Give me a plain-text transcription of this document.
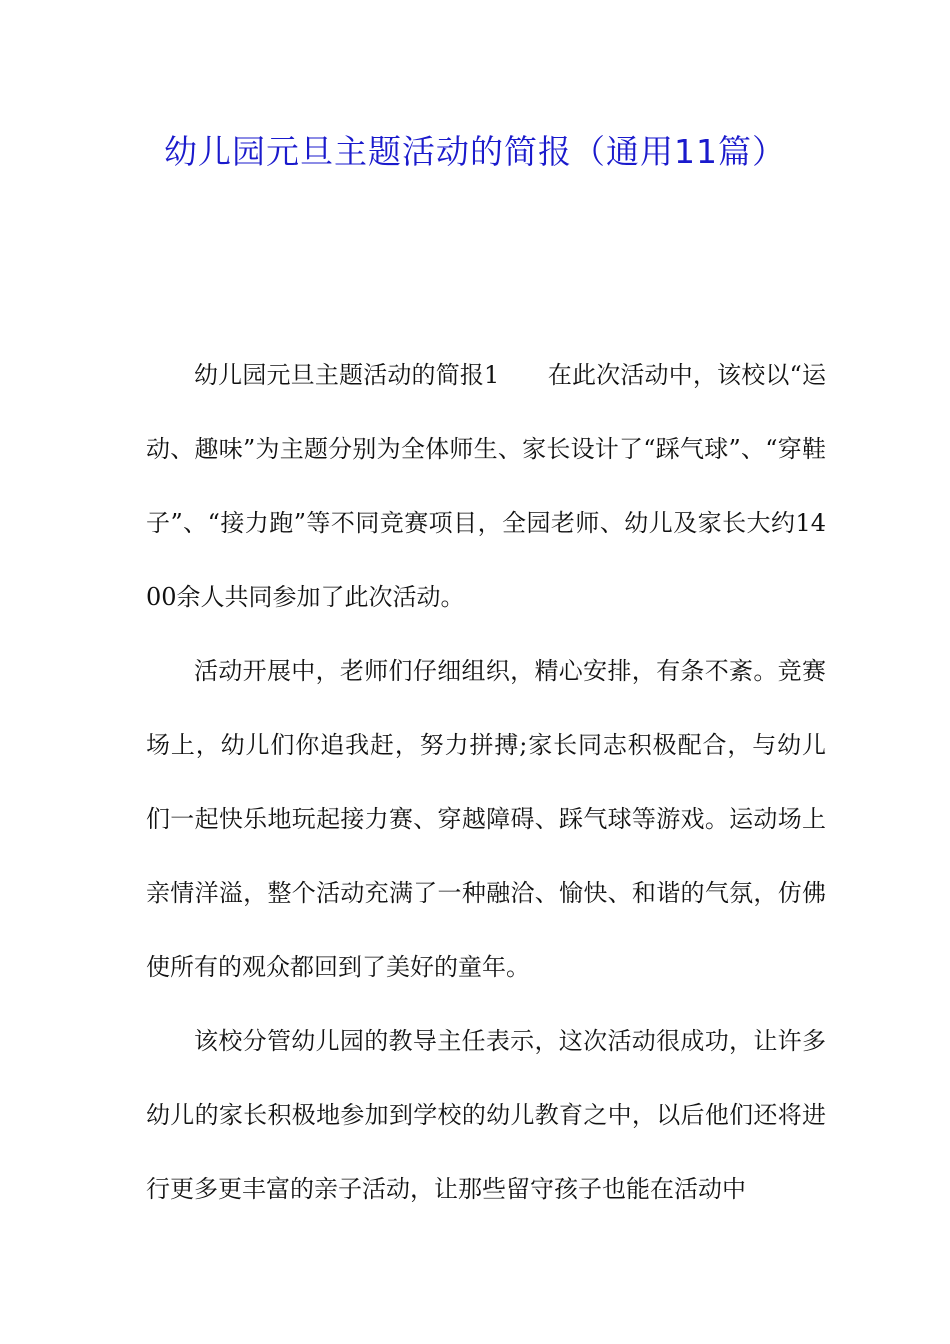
幼儿园元旦主题活动的简报（通用11篇）

幼儿园元旦主题活动的简报1　　在此次活动中，该校以“运动、趣味”为主题分别为全体师生、家长设计了“踩气球”、“穿鞋子”、“接力跑”等不同竞赛项目，全园老师、幼儿及家长大约1400余人共同参加了此次活动。

活动开展中，老师们仔细组织，精心安排，有条不紊。竞赛场上，幼儿们你追我赶，努力拼搏;家长同志积极配合，与幼儿们一起快乐地玩起接力赛、穿越障碍、踩气球等游戏。运动场上亲情洋溢，整个活动充满了一种融洽、愉快、和谐的气氛，仿佛使所有的观众都回到了美好的童年。

该校分管幼儿园的教导主任表示，这次活动很成功，让许多幼儿的家长积极地参加到学校的幼儿教育之中，以后他们还将进行更多更丰富的亲子活动，让那些留守孩子也能在活动中
